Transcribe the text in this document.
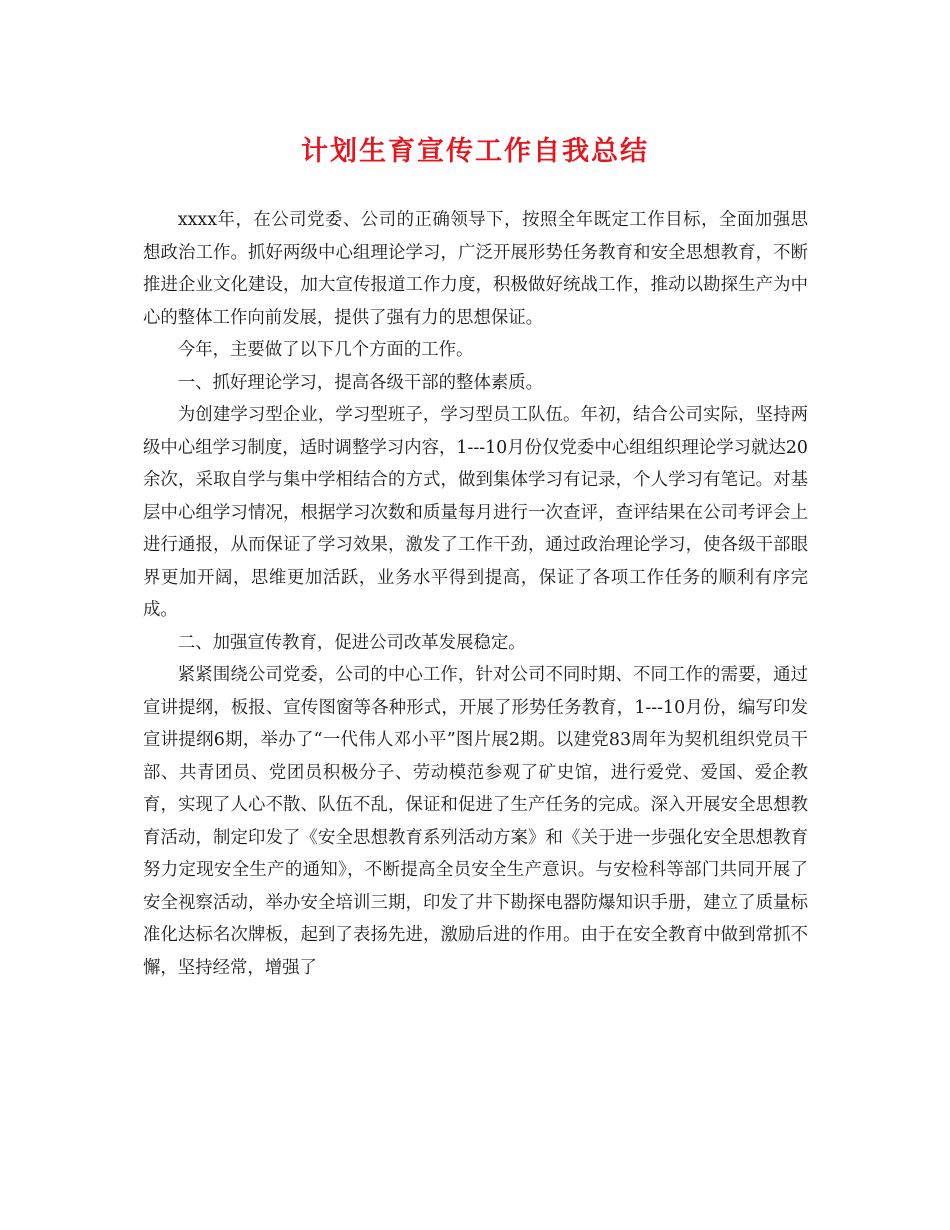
计划生育宣传工作自我总结

xxxx年，在公司党委、公司的正确领导下，按照全年既定工作目标，全面加强思想政治工作。抓好两级中心组理论学习，广泛开展形势任务教育和安全思想教育，不断推进企业文化建设，加大宣传报道工作力度，积极做好统战工作，推动以勘探生产为中心的整体工作向前发展，提供了强有力的思想保证。

今年，主要做了以下几个方面的工作。

一、抓好理论学习，提高各级干部的整体素质。

为创建学习型企业，学习型班子，学习型员工队伍。年初，结合公司实际，坚持两级中心组学习制度，适时调整学习内容，1---10月份仅党委中心组组织理论学习就达20余次，采取自学与集中学相结合的方式，做到集体学习有记录，个人学习有笔记。对基层中心组学习情况，根据学习次数和质量每月进行一次查评，查评结果在公司考评会上进行通报，从而保证了学习效果，激发了工作干劲，通过政治理论学习，使各级干部眼界更加开阔，思维更加活跃，业务水平得到提高，保证了各项工作任务的顺利有序完成。

二、加强宣传教育，促进公司改革发展稳定。

紧紧围绕公司党委，公司的中心工作，针对公司不同时期、不同工作的需要，通过宣讲提纲，板报、宣传图窗等各种形式，开展了形势任务教育，1---10月份，编写印发宣讲提纲6期，举办了“一代伟人邓小平”图片展2期。以建党83周年为契机组织党员干部、共青团员、党团员积极分子、劳动模范参观了矿史馆，进行爱党、爱国、爱企教育，实现了人心不散、队伍不乱，保证和促进了生产任务的完成。深入开展安全思想教育活动，制定印发了《安全思想教育系列活动方案》和《关于进一步强化安全思想教育努力定现安全生产的通知》，不断提高全员安全生产意识。与安检科等部门共同开展了安全视察活动，举办安全培训三期，印发了井下勘探电器防爆知识手册，建立了质量标准化达标名次牌板，起到了表扬先进，激励后进的作用。由于在安全教育中做到常抓不懈，坚持经常，增强了
